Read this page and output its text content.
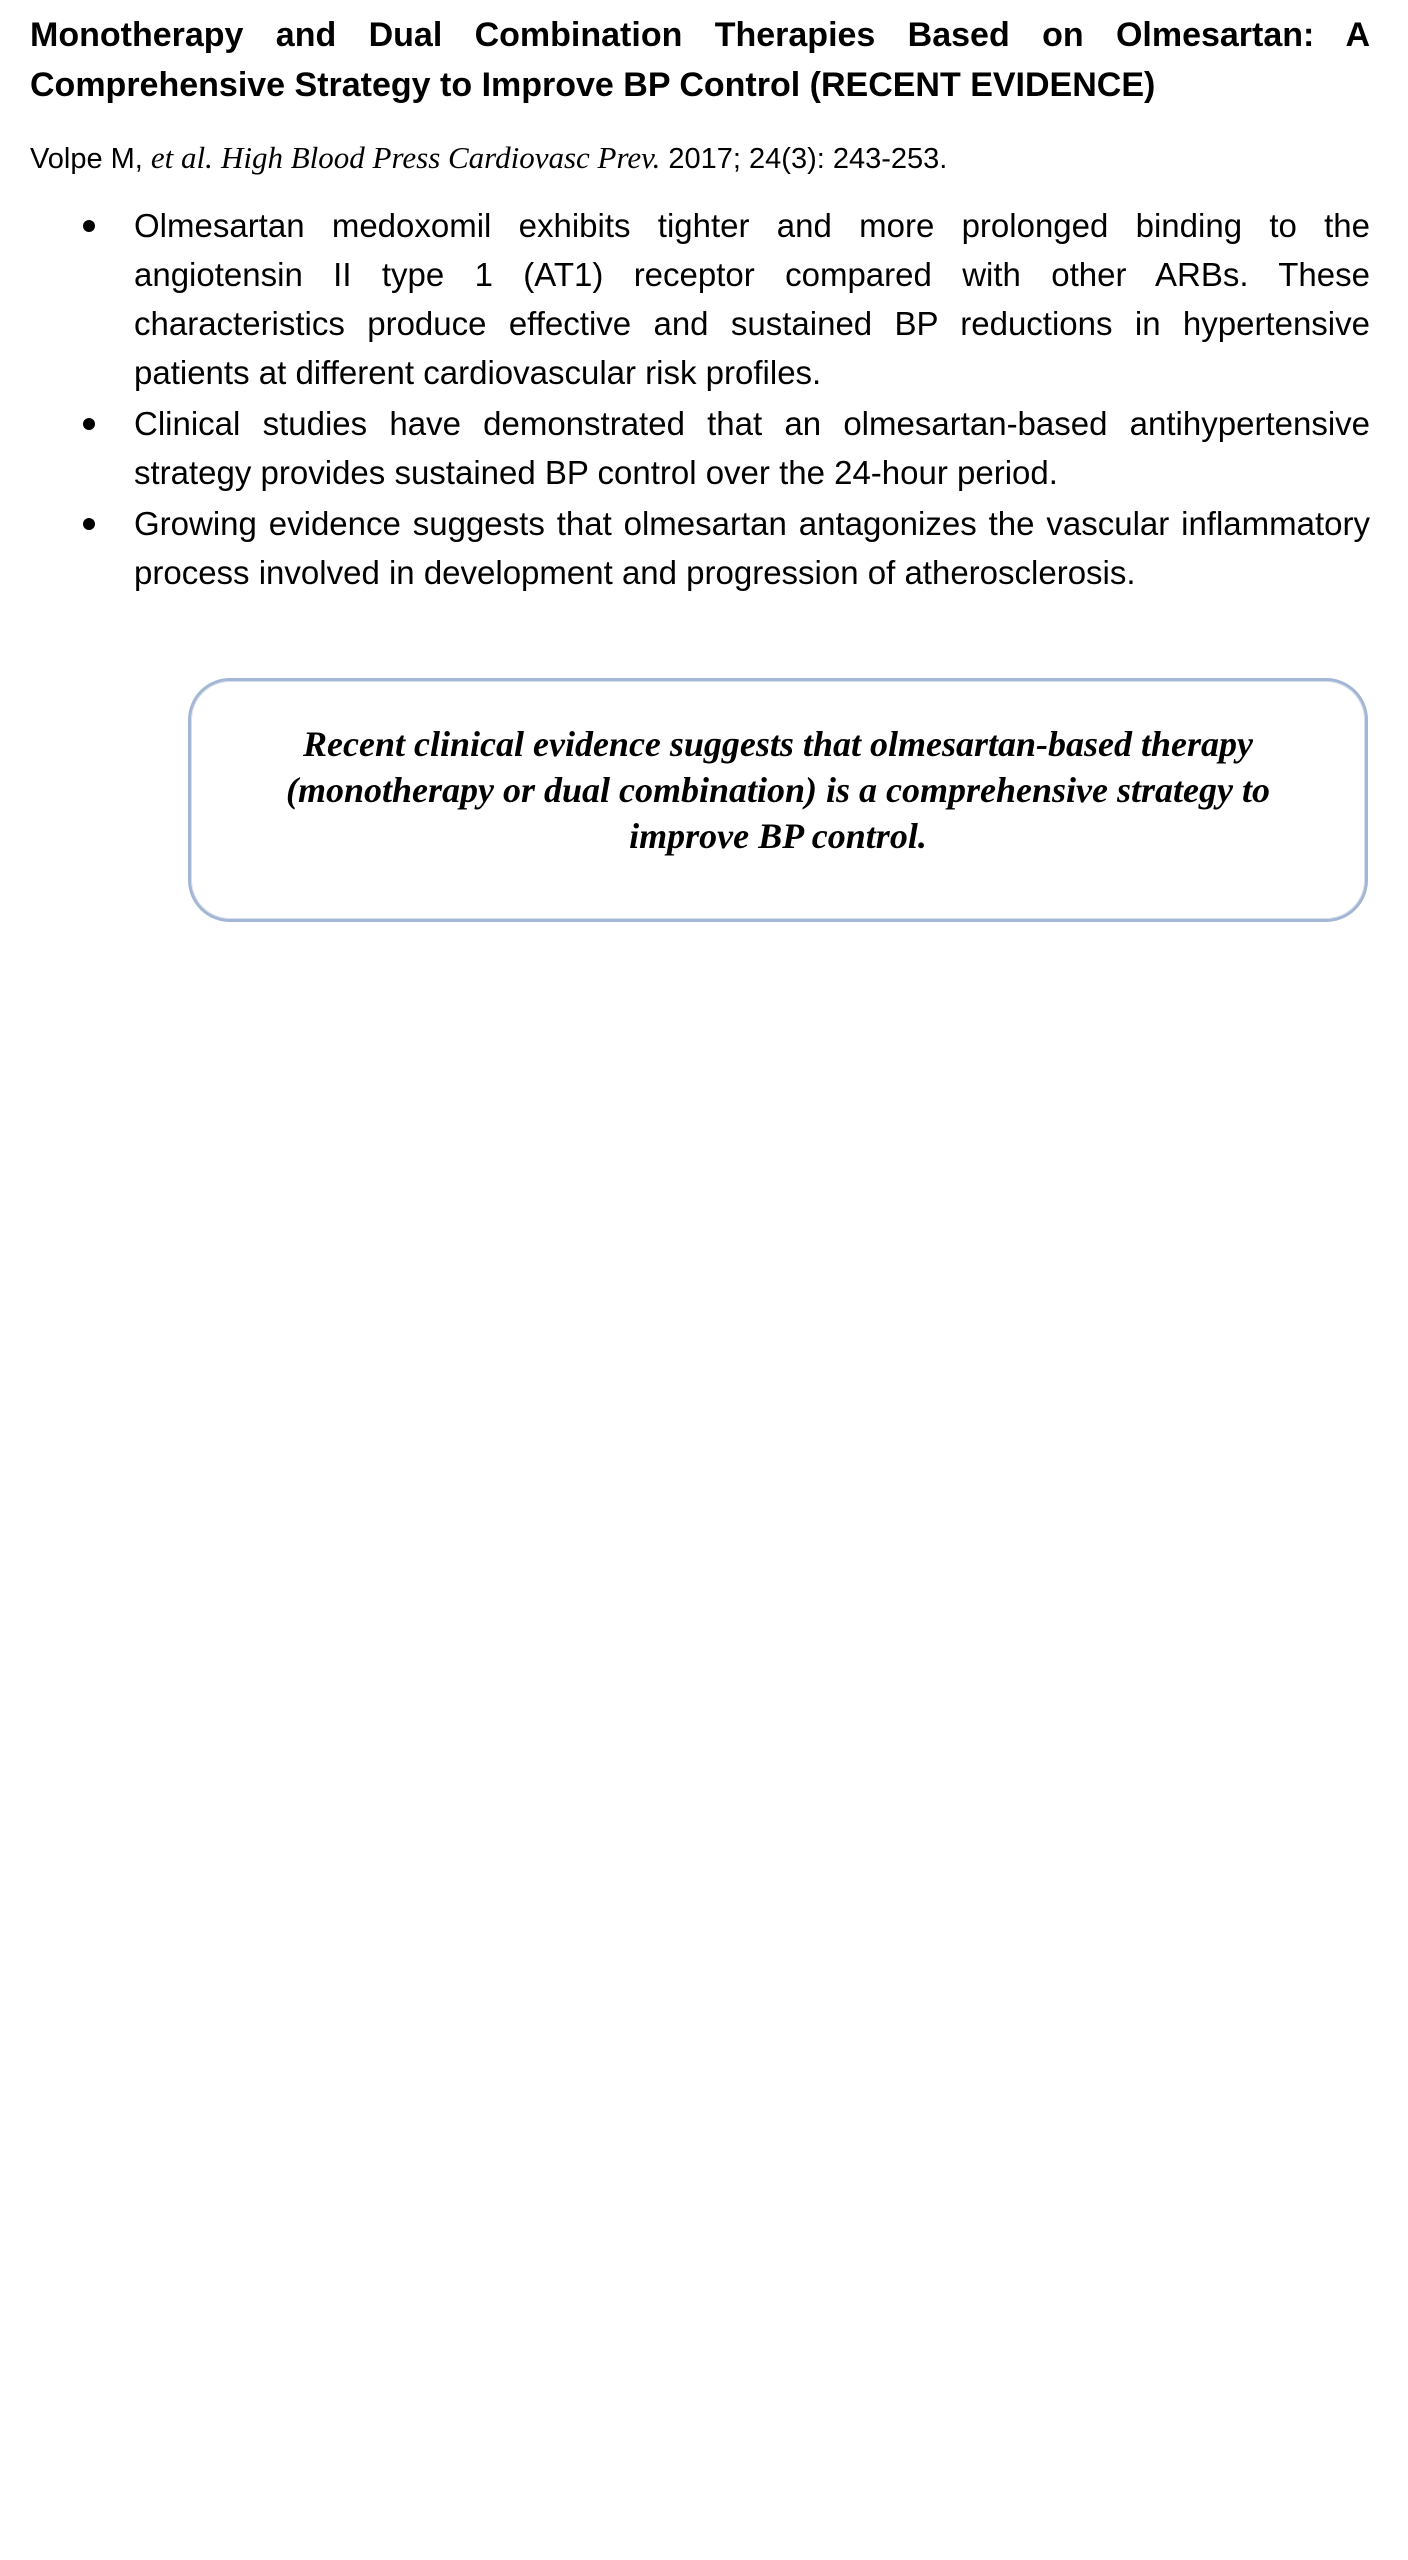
Monotherapy and Dual Combination Therapies Based on Olmesartan: A
Comprehensive Strategy to Improve BP Control (RECENT EVIDENCE)
Volpe M, et al. High Blood Press Cardiovasc Prev. 2017; 24(3): 243-253.
Olmesartan medoxomil exhibits tighter and more prolonged binding to the angiotensin II type 1 (AT1) receptor compared with other ARBs. These characteristics produce effective and sustained BP reductions in hypertensive patients at different cardiovascular risk profiles.
Clinical studies have demonstrated that an olmesartan-based antihypertensive strategy provides sustained BP control over the 24-hour period.
Growing evidence suggests that olmesartan antagonizes the vascular inflammatory process involved in development and progression of atherosclerosis.
Recent clinical evidence suggests that olmesartan-based therapy (monotherapy or dual combination) is a comprehensive strategy to improve BP control.
